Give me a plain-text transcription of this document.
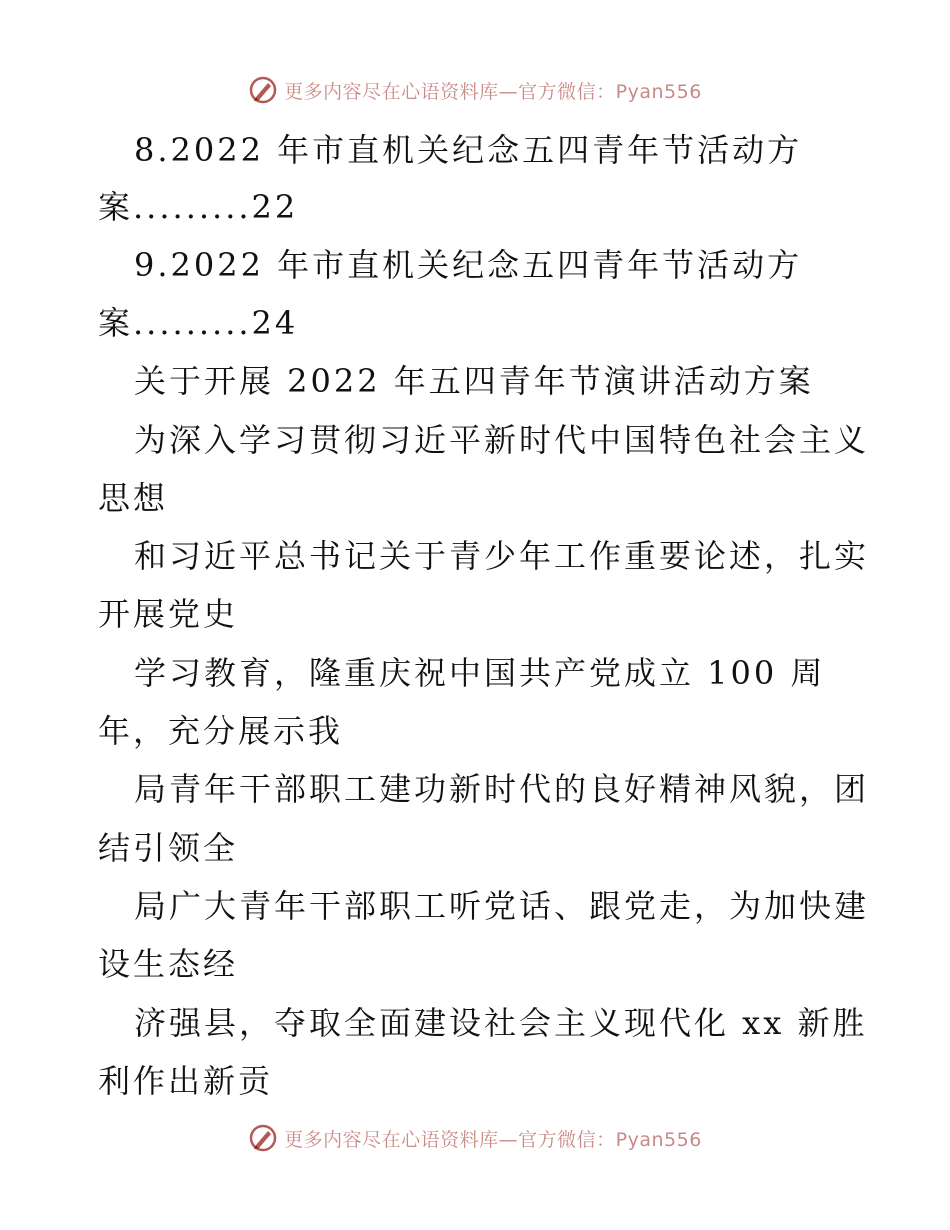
更多内容尽在心语资料库—官方微信：Pyan556
8.2022 年市直机关纪念五四青年节活动方
案.........22
9.2022 年市直机关纪念五四青年节活动方
案.........24
关于开展 2022 年五四青年节演讲活动方案
为深入学习贯彻习近平新时代中国特色社会主义
思想
和习近平总书记关于青少年工作重要论述，扎实
开展党史
学习教育，隆重庆祝中国共产党成立 100 周
年，充分展示我
局青年干部职工建功新时代的良好精神风貌，团
结引领全
局广大青年干部职工听党话、跟党走，为加快建
设生态经
济强县，夺取全面建设社会主义现代化 xx 新胜
利作出新贡
更多内容尽在心语资料库—官方微信：Pyan556
